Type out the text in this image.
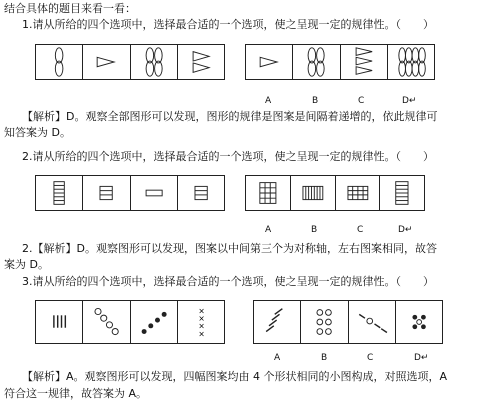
结合具体的题目来看一看：
1.请从所给的四个选项中，选择最合适的一个选项，使之呈现一定的规律性。（　　）
A	B	C	D↵
【解析】D。观察全部图形可以发现，图形的规律是图案是间隔着递增的，依此规律可
知答案为 D。
2.请从所给的四个选项中，选择最合适的一个选项，使之呈现一定的规律性。（　　）
A	B	C	D↵
2.【解析】D。观察图形可以发现，图案以中间第三个为对称轴，左右图案相同，故答
案为 D。
3.请从所给的四个选项中，选择最合适的一个选项，使之呈现一定的规律性。（　　）
×
×
×
×
A	B	C	D↵
【解析】A。观察图形可以发现，四幅图案均由 4 个形状相同的小图构成，对照选项，A
符合这一规律，故答案为 A。
